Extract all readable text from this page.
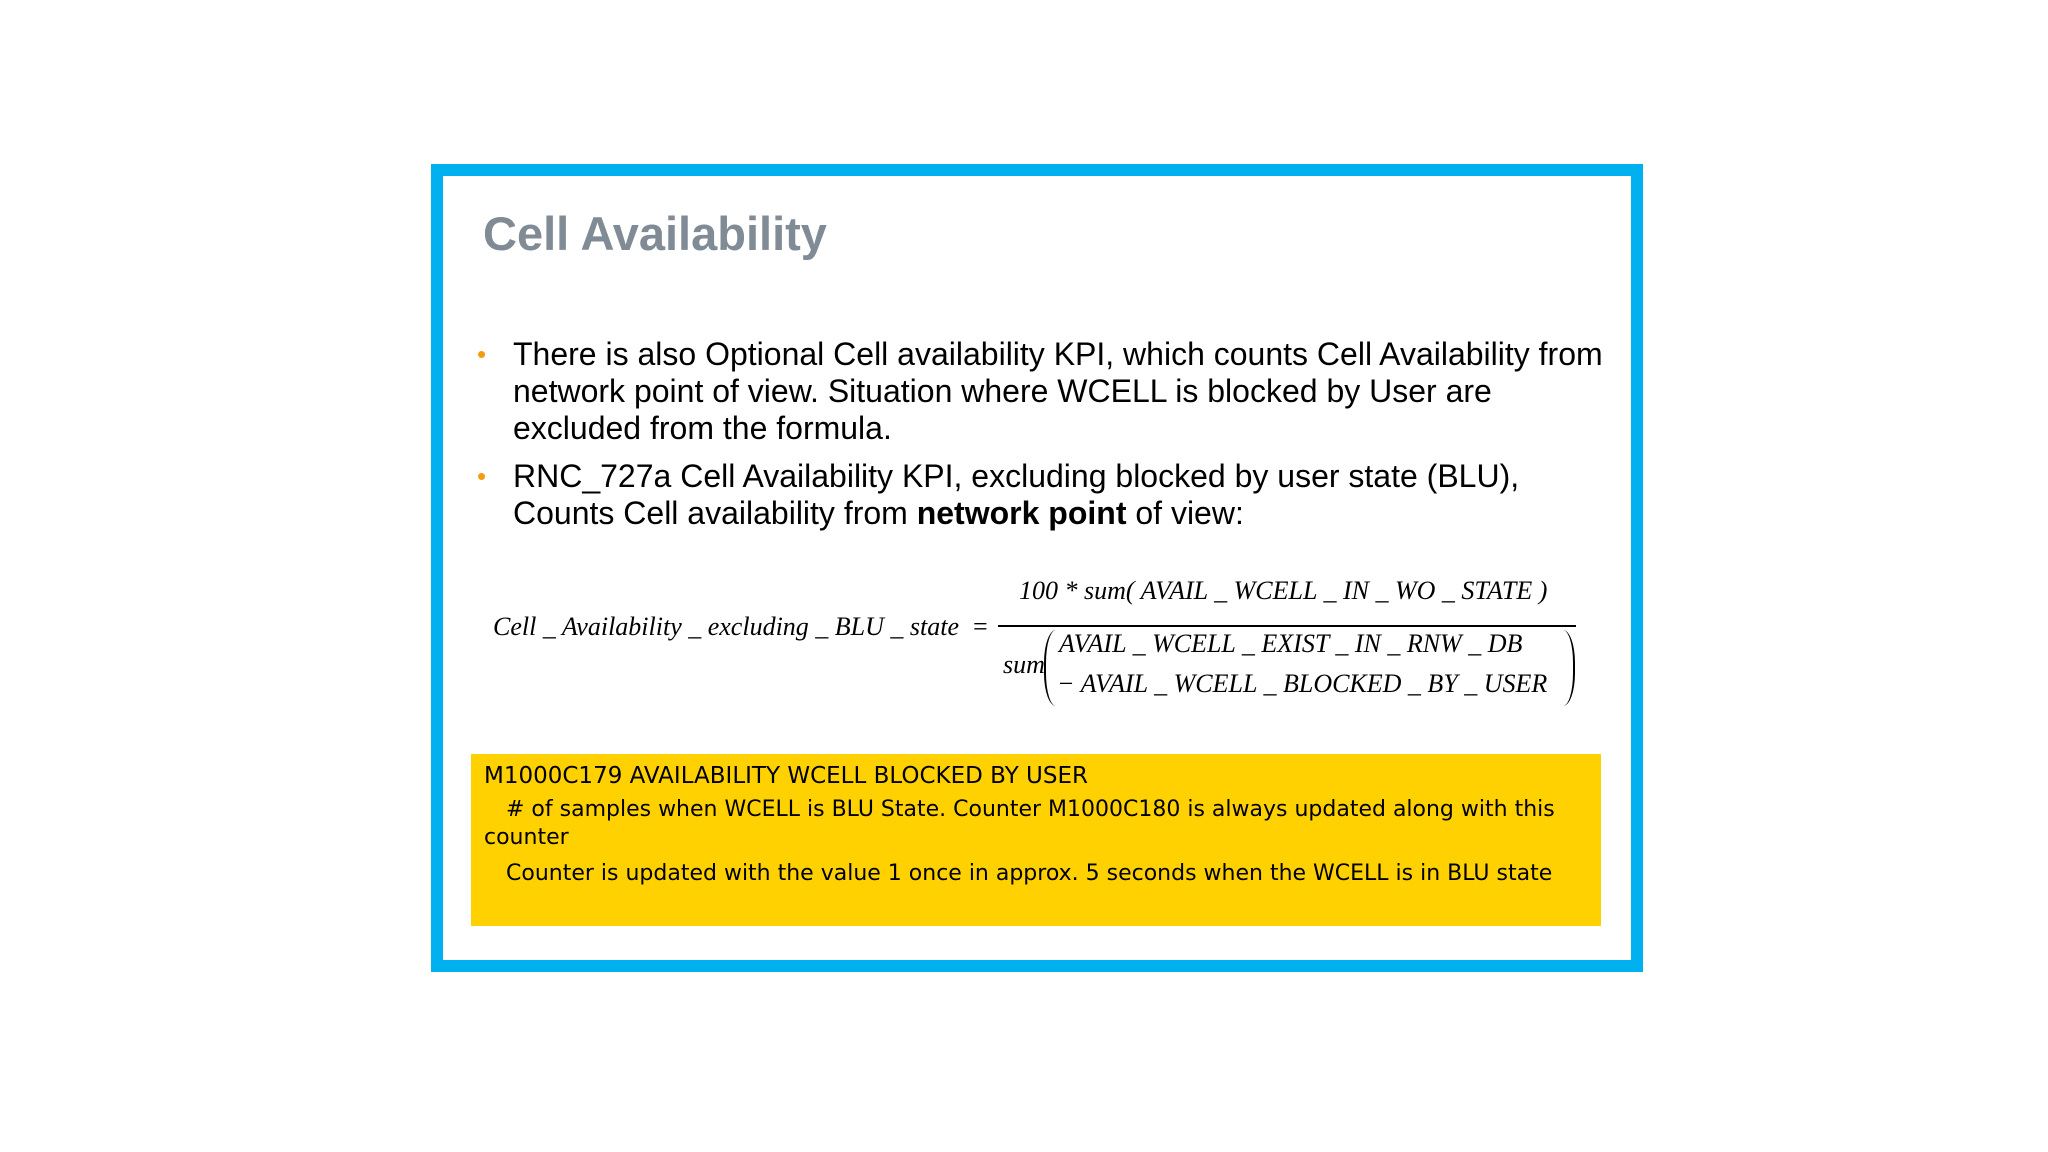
Cell Availability
• There is also Optional Cell availability KPI, which counts Cell Availability from network point of view. Situation where WCELL is blocked by User are excluded from the formula.
• RNC_727a Cell Availability KPI, excluding blocked by user state (BLU), Counts Cell availability from network point of view:
Cell _ Availability _ excluding _ BLU _ state =
100 * sum( AVAIL _ WCELL _ IN _ WO _ STATE )
sum
AVAIL _ WCELL _ EXIST _ IN _ RNW _ DB
− AVAIL _ WCELL _ BLOCKED _ BY _ USER

M1000C179 AVAILABILITY WCELL BLOCKED BY USER

# of samples when WCELL is BLU State. Counter M1000C180 is always updated along with this counter

Counter is updated with the value 1 once in approx. 5 seconds when the WCELL is in BLU state
